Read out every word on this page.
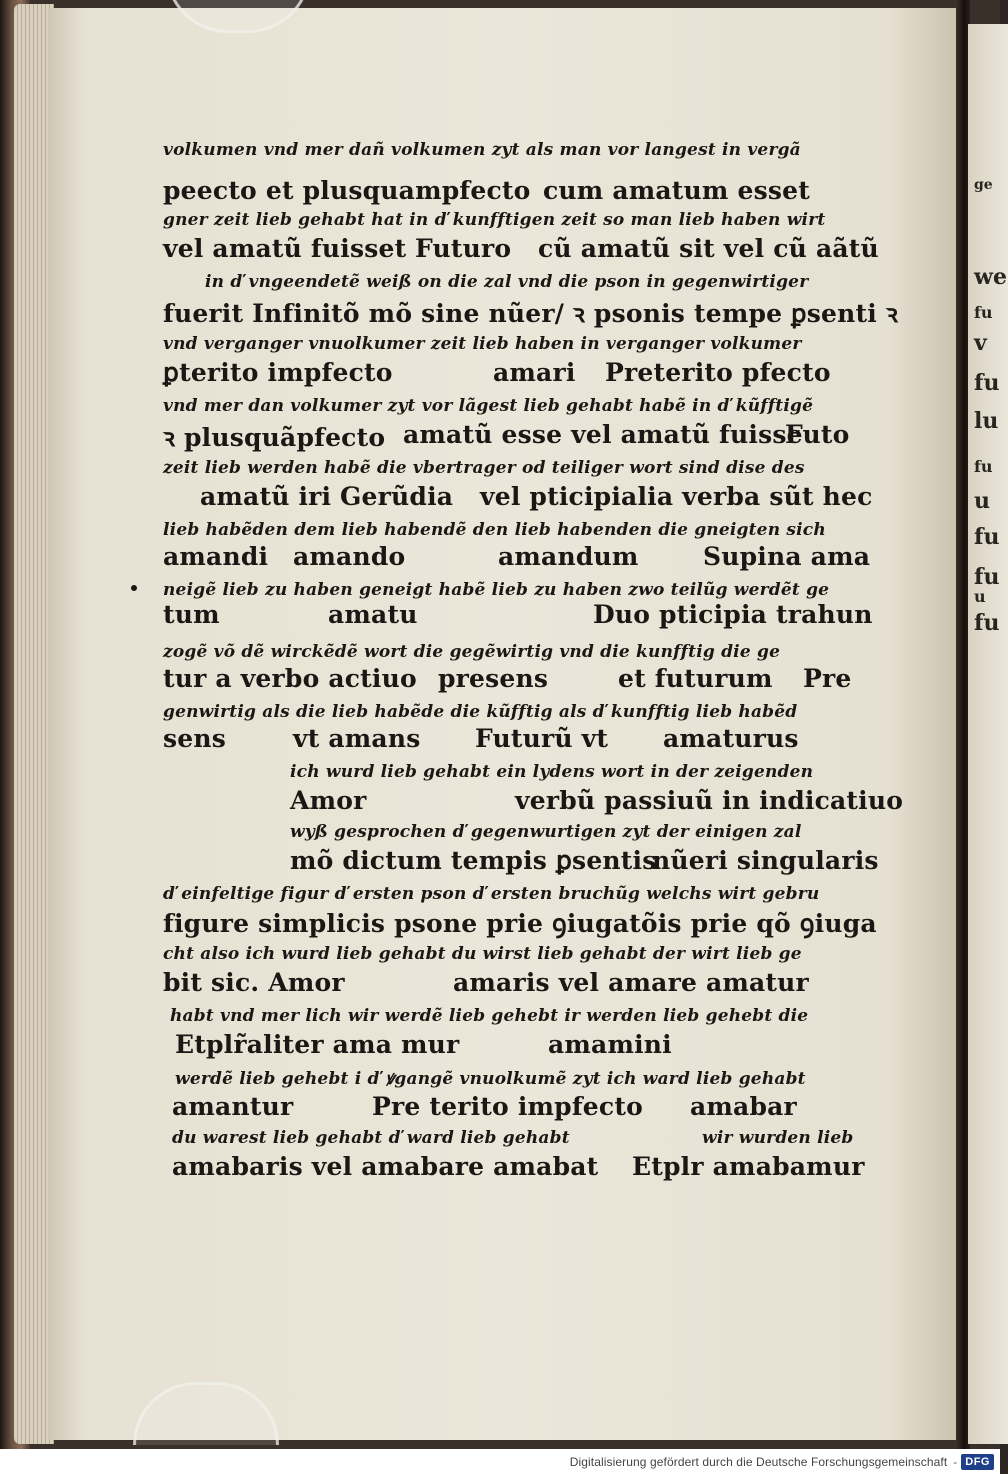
ge
we
fu
v
fu
lu
fu
u
fu
fu
u
fu
volkumen vnd mer dañ volkumen zyt als man vor langest in vergã
peecto et plusquampfecto cum amatum esset
gner zeit lieb gehabt hat in ď kunfftigen zeit so man lieb haben wirt
vel amatũ fuisset Futuro cũ amatũ sit vel cũ aãtũ
in ď vngeendetẽ weiß on die zal vnd die pson in gegenwirtiger
fuerit Infinitõ mõ sine nũer/ ꝛ psonis tempe ꝑsenti ꝛ
vnd verganger vnuolkumer zeit lieb haben in verganger volkumer
ꝑterito impfecto	amari Preterito pfecto
vnd mer dan volkumer zyt vor lãgest lieb gehabt habẽ in ď kũfftigẽ
ꝛ plusquãpfecto amatũ esse vel amatũ fuisse
Futo
zeit lieb werden habẽ die vbertrager od teiliger wort sind dise des
amatũ iri Gerũdia vel pticipialia verba sũt hec
lieb habẽden dem lieb habendẽ den lieb habenden die gneigten sich
amandi amando	amandum	Supina ama
neigẽ lieb zu haben geneigt habẽ lieb zu haben zwo teilũg werdẽt ge
tum	amatu	Duo pticipia trahun
zogẽ võ dẽ wirckẽdẽ wort die gegẽwirtig vnd die kunfftig die ge
tur a verbo actiuo presens	et futurum Pre
genwirtig als die lieb habẽde die kũfftig als ď kunfftig lieb habẽd
sens	vt amans Futurũ vt amaturus
ich wurd lieb gehabt ein lydens wort in der zeigenden
Amor	verbũ passiuũ in indicatiuo
wyß gesprochen ď gegenwurtigen zyt der einigen zal
mõ dictum tempis ꝑsentis
nũeri singularis
ď einfeltige figur ď ersten pson ď ersten bruchũg welchs wirt gebru
figure simplicis psone prie ꝯiugatõis prie qõ ꝯiuga
cht also ich wurd lieb gehabt du wirst lieb gehabt der wirt lieb ge
bit sic. Amor	amaris vel amare amatur
habt vnd mer lich wir werdẽ lieb gehebt ir werden lieb gehebt die
Etplr̃aliter ama mur	amamini
werdẽ lieb gehebt i ď ꝟgangẽ vnuolkumẽ zyt ich ward lieb gehabt
amantur	Pre terito impfecto amabar
du warest lieb gehabt ď ward lieb gehabt	wir wurden lieb
amabaris vel amabare amabat Etplr amabamur
Digitalisierung gefördert durch die Deutsche Forschungsgemeinschaft - DFG
